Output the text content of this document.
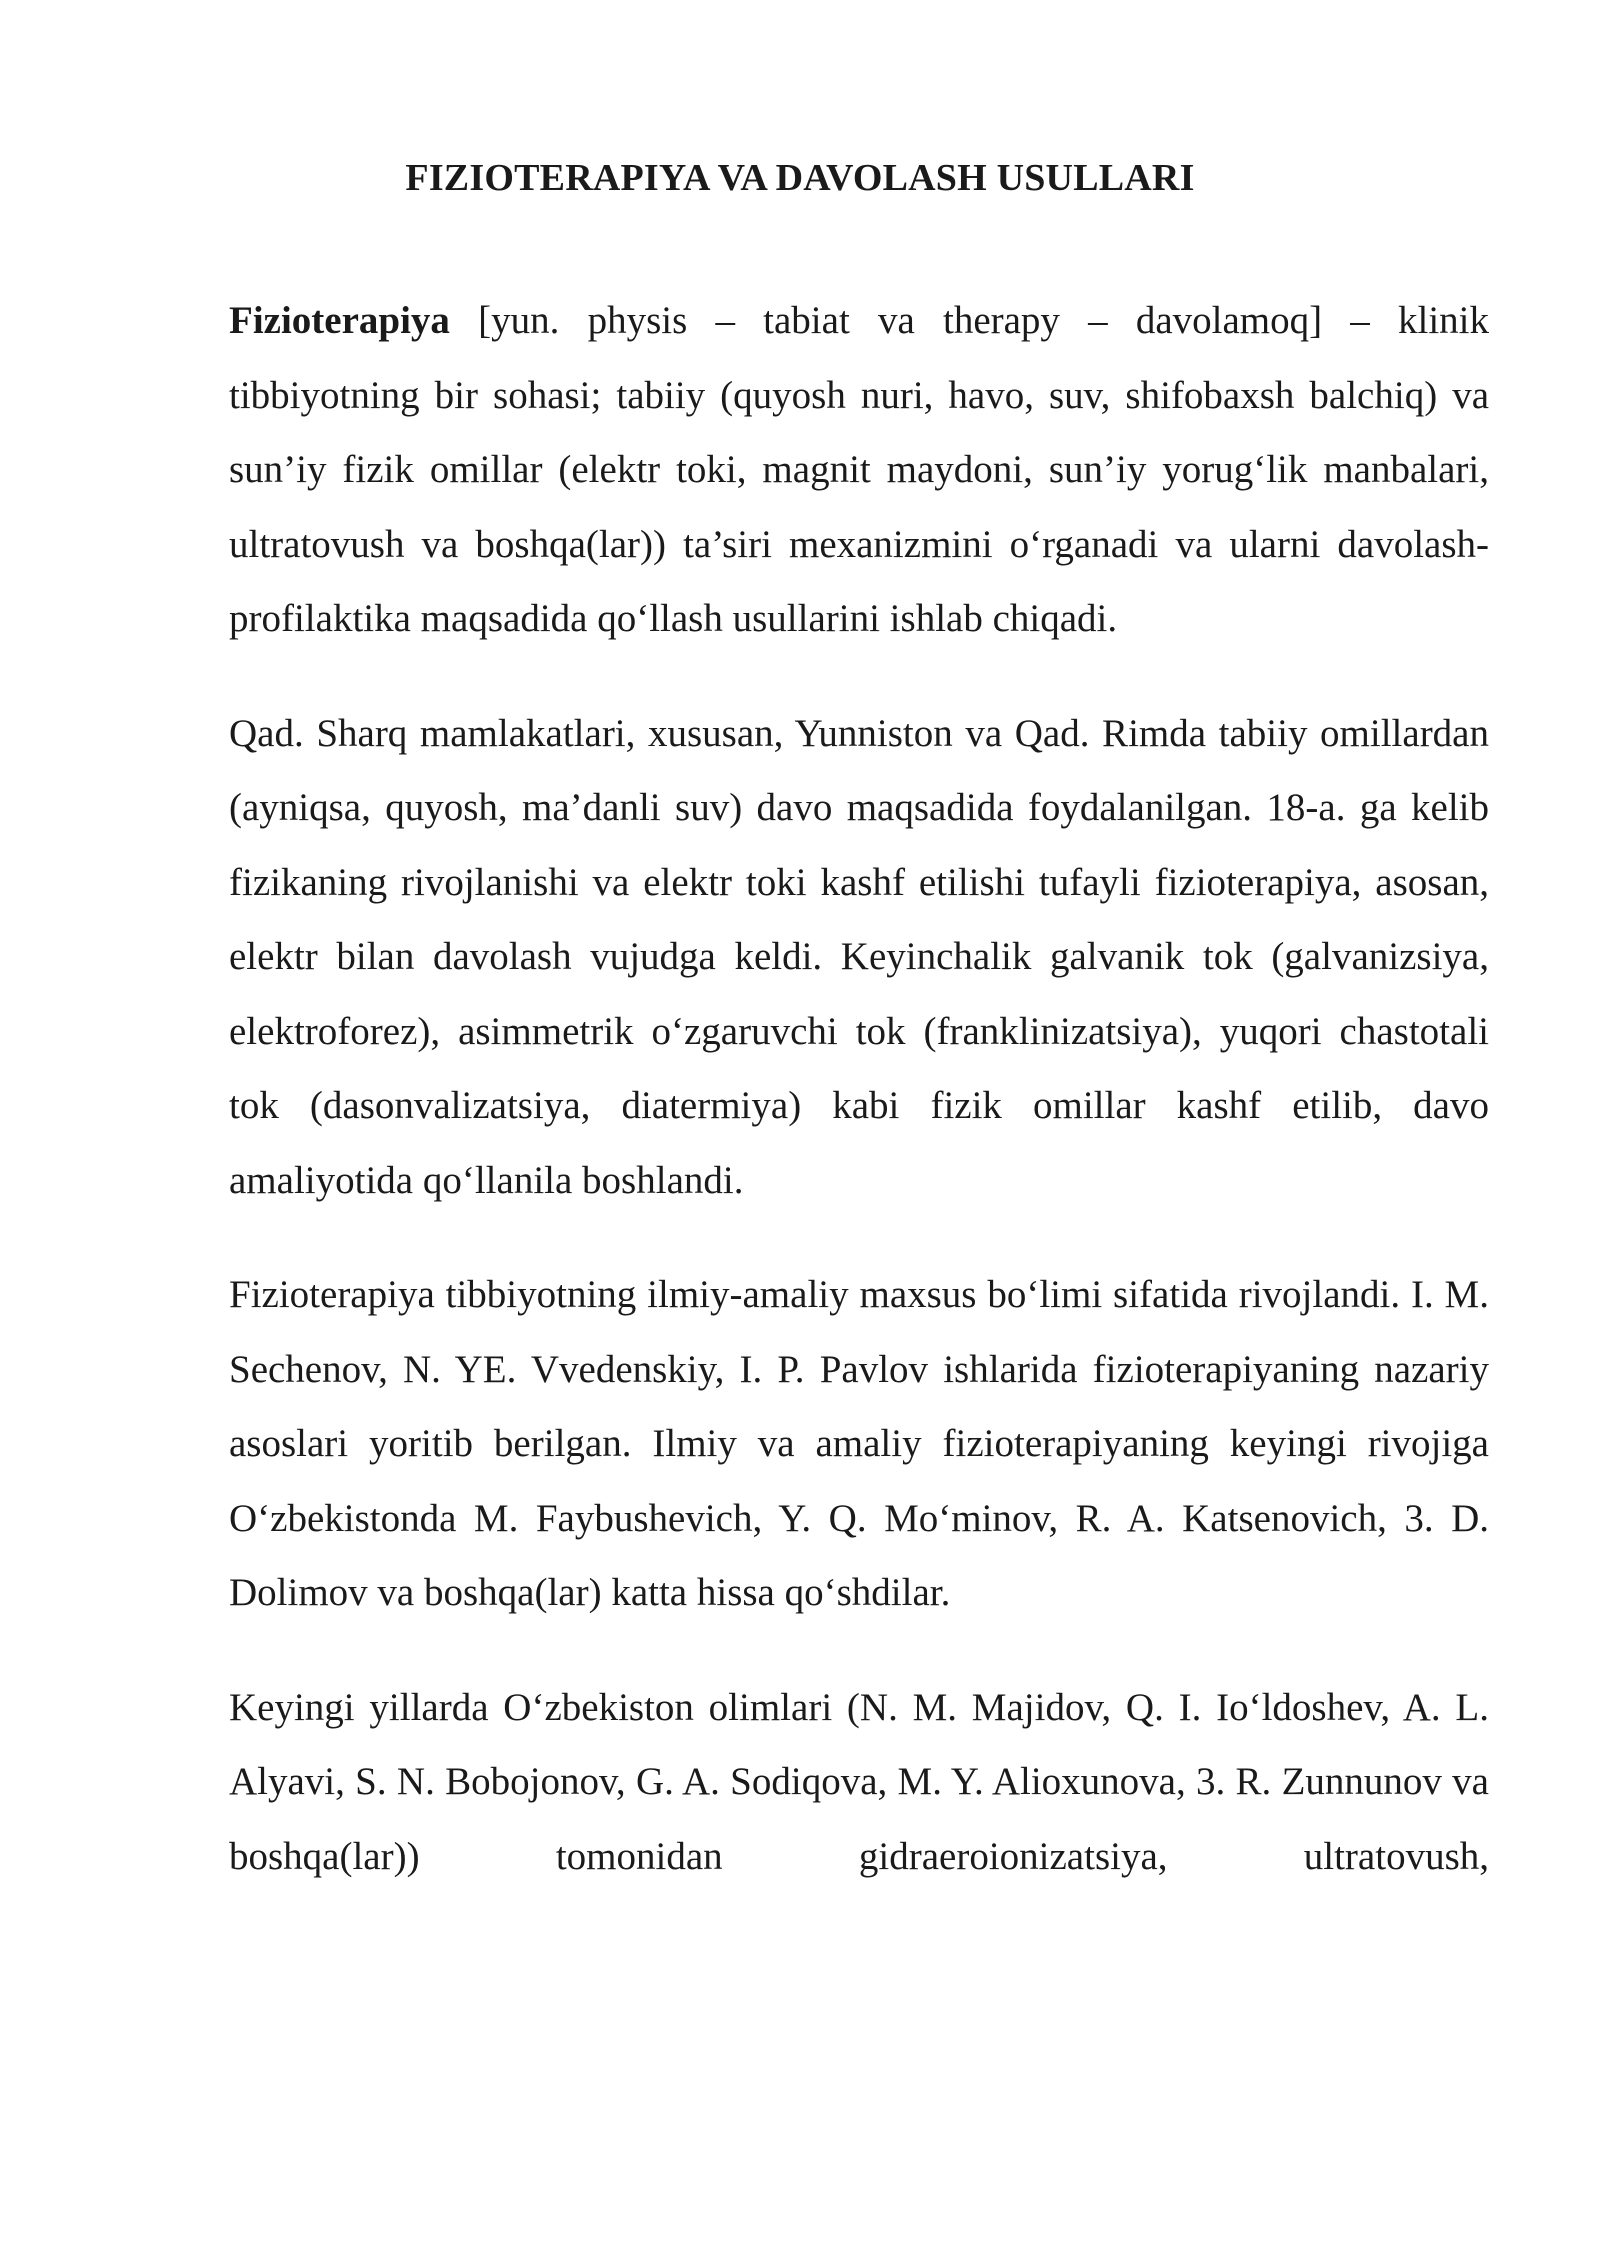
FIZIOTERAPIYA VA DAVOLASH USULLARI

Fizioterapiya [yun. physis – tabiat va therapy – davolamoq] – klinik tibbiyotning bir sohasi; tabiiy (quyosh nuri, havo, suv, shifobaxsh balchiq) va sun’iy fizik omillar (elektr toki, magnit maydoni, sun’iy yorug‘lik manbalari, ultratovush va boshqa(lar)) ta’siri mexanizmini o‘rganadi va ularni davolash-profilaktika maqsadida qo‘llash usullarini ishlab chiqadi.

Qad. Sharq mamlakatlari, xususan, Yunniston va Qad. Rimda tabiiy omillardan (ayniqsa, quyosh, ma’danli suv) davo maqsadida foydalanilgan. 18-a. ga kelib fizikaning rivojlanishi va elektr toki kashf etilishi tufayli fizioterapiya, asosan, elektr bilan davolash vujudga keldi. Keyinchalik galvanik tok (galvanizsiya, elektroforez), asimmetrik o‘zgaruvchi tok (franklinizatsiya), yuqori chastotali tok (dasonvalizatsiya, diatermiya) kabi fizik omillar kashf etilib, davo amaliyotida qo‘llanila boshlandi.

Fizioterapiya tibbiyotning ilmiy-amaliy maxsus bo‘limi sifatida rivojlandi. I. M. Sechenov, N. YE. Vvedenskiy, I. P. Pavlov ishlarida fizioterapiyaning nazariy asoslari yoritib berilgan. Ilmiy va amaliy fizioterapiyaning keyingi rivojiga O‘zbekistonda M. Faybushevich, Y. Q. Mo‘minov, R. A. Katsenovich, 3. D. Dolimov va boshqa(lar) katta hissa qo‘shdilar.

Keyingi yillarda O‘zbekiston olimlari (N. M. Majidov, Q. I. Io‘ldoshev, A. L. Alyavi, S. N. Bobojonov, G. A. Sodiqova, M. Y. Alioxunova, 3. R. Zunnunov va boshqa(lar)) tomonidan gidraeroionizatsiya, ultratovush,
